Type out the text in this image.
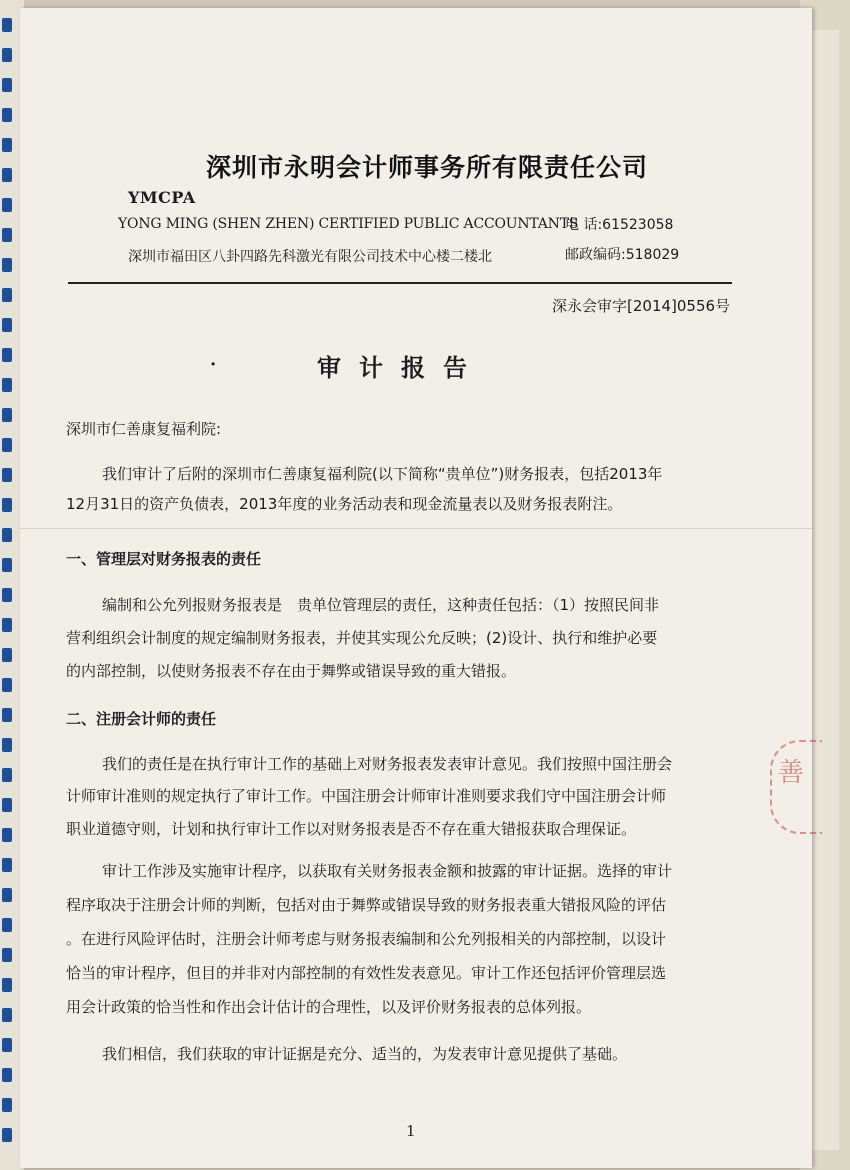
深圳市永明会计师事务所有限责任公司
YMCPA
YONG MING (SHEN ZHEN) CERTIFIED PUBLIC ACCOUNTANTS
电 话:61523058
深圳市福田区八卦四路先科激光有限公司技术中心楼二楼北	邮政编码:518029
深永会审字[2014]0556号
·	审计报告
深圳市仁善康复福利院:
我们审计了后附的深圳市仁善康复福利院(以下简称“贵单位”)财务报表，包括2013年
12月31日的资产负债表，2013年度的业务活动表和现金流量表以及财务报表附注。
一、管理层对财务报表的责任
编制和公允列报财务报表是　贵单位管理层的责任，这种责任包括：（1）按照民间非
营利组织会计制度的规定编制财务报表，并使其实现公允反映；(2)设计、执行和维护必要
的内部控制，以使财务报表不存在由于舞弊或错误导致的重大错报。
二、注册会计师的责任
我们的责任是在执行审计工作的基础上对财务报表发表审计意见。我们按照中国注册会
计师审计准则的规定执行了审计工作。中国注册会计师审计准则要求我们守中国注册会计师
职业道德守则，计划和执行审计工作以对财务报表是否不存在重大错报获取合理保证。
审计工作涉及实施审计程序，以获取有关财务报表金额和披露的审计证据。选择的审计
程序取决于注册会计师的判断，包括对由于舞弊或错误导致的财务报表重大错报风险的评估
。在进行风险评估时，注册会计师考虑与财务报表编制和公允列报相关的内部控制，以设计
恰当的审计程序，但目的并非对内部控制的有效性发表意见。审计工作还包括评价管理层选
用会计政策的恰当性和作出会计估计的合理性，以及评价财务报表的总体列报。
我们相信，我们获取的审计证据是充分、适当的，为发表审计意见提供了基础。
1
善
